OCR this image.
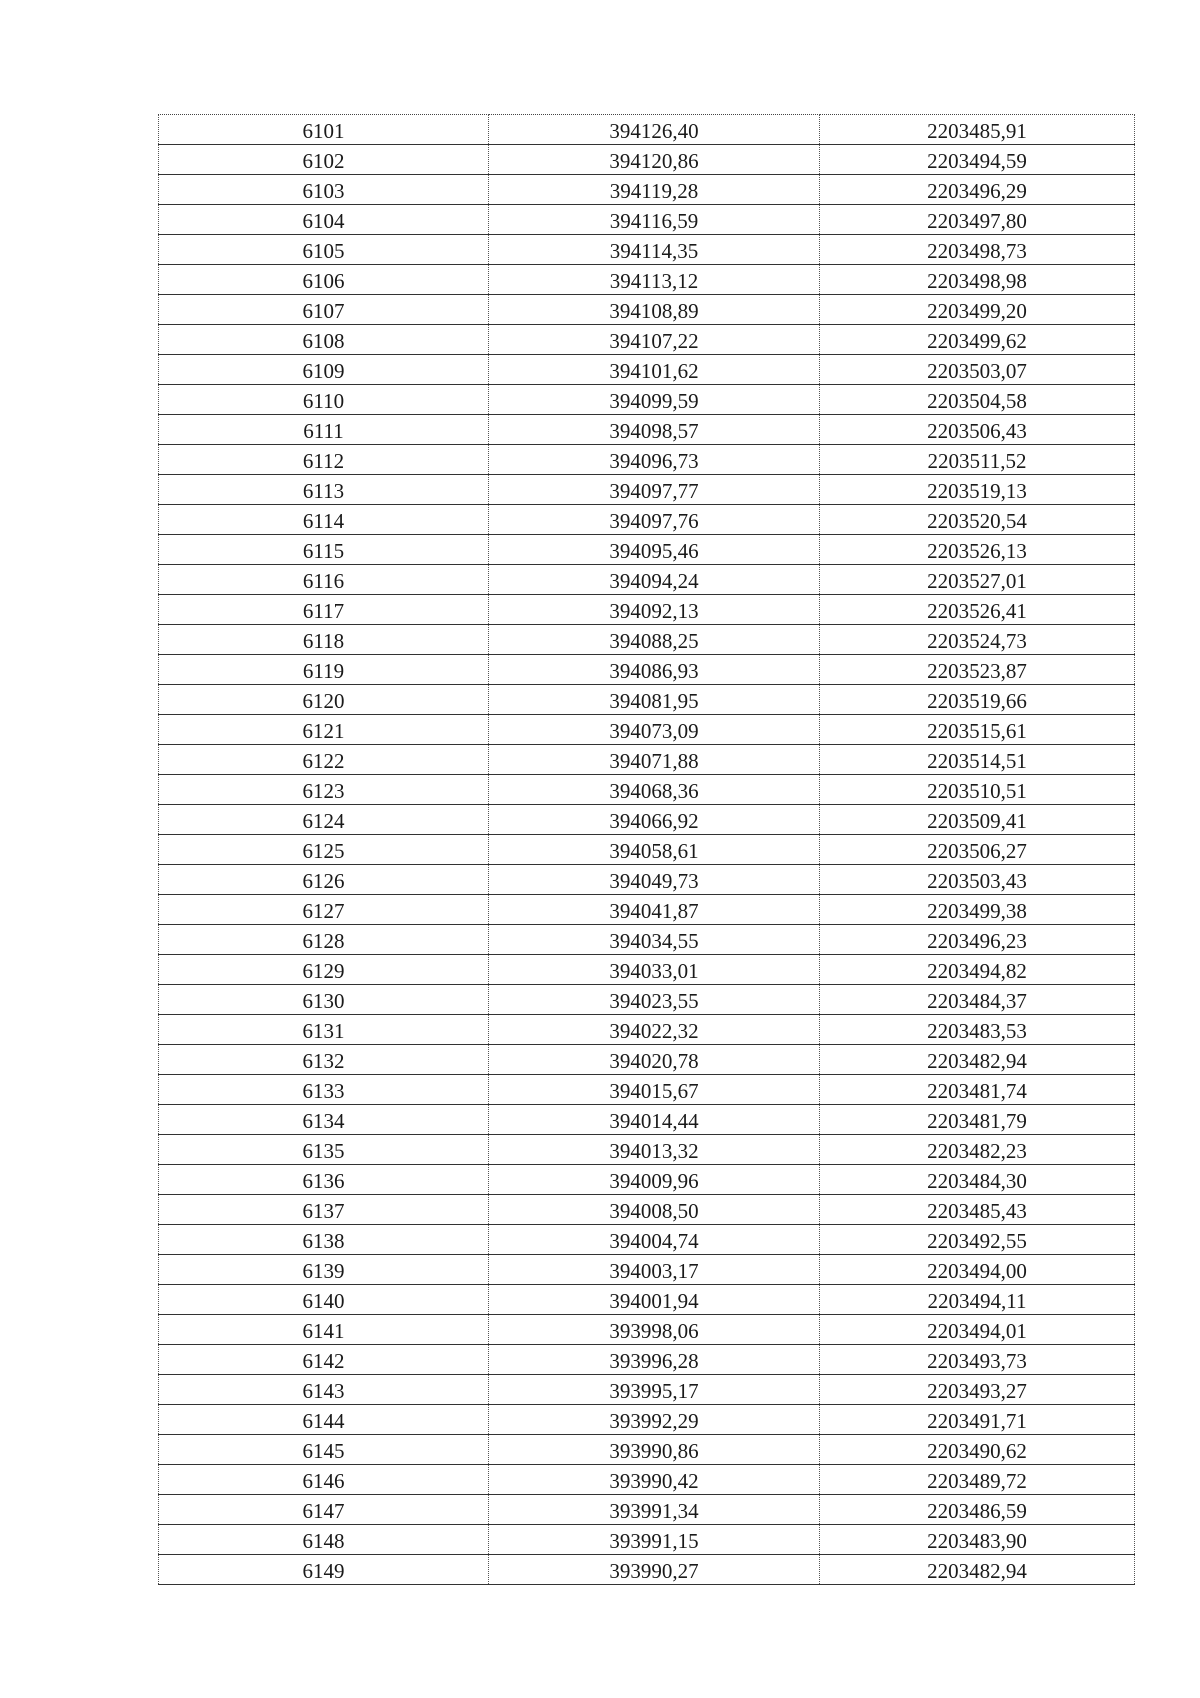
6101	394126,40	2203485,91
6102	394120,86	2203494,59
6103	394119,28	2203496,29
6104	394116,59	2203497,80
6105	394114,35	2203498,73
6106	394113,12	2203498,98
6107	394108,89	2203499,20
6108	394107,22	2203499,62
6109	394101,62	2203503,07
6110	394099,59	2203504,58
6111	394098,57	2203506,43
6112	394096,73	2203511,52
6113	394097,77	2203519,13
6114	394097,76	2203520,54
6115	394095,46	2203526,13
6116	394094,24	2203527,01
6117	394092,13	2203526,41
6118	394088,25	2203524,73
6119	394086,93	2203523,87
6120	394081,95	2203519,66
6121	394073,09	2203515,61
6122	394071,88	2203514,51
6123	394068,36	2203510,51
6124	394066,92	2203509,41
6125	394058,61	2203506,27
6126	394049,73	2203503,43
6127	394041,87	2203499,38
6128	394034,55	2203496,23
6129	394033,01	2203494,82
6130	394023,55	2203484,37
6131	394022,32	2203483,53
6132	394020,78	2203482,94
6133	394015,67	2203481,74
6134	394014,44	2203481,79
6135	394013,32	2203482,23
6136	394009,96	2203484,30
6137	394008,50	2203485,43
6138	394004,74	2203492,55
6139	394003,17	2203494,00
6140	394001,94	2203494,11
6141	393998,06	2203494,01
6142	393996,28	2203493,73
6143	393995,17	2203493,27
6144	393992,29	2203491,71
6145	393990,86	2203490,62
6146	393990,42	2203489,72
6147	393991,34	2203486,59
6148	393991,15	2203483,90
6149	393990,27	2203482,94
